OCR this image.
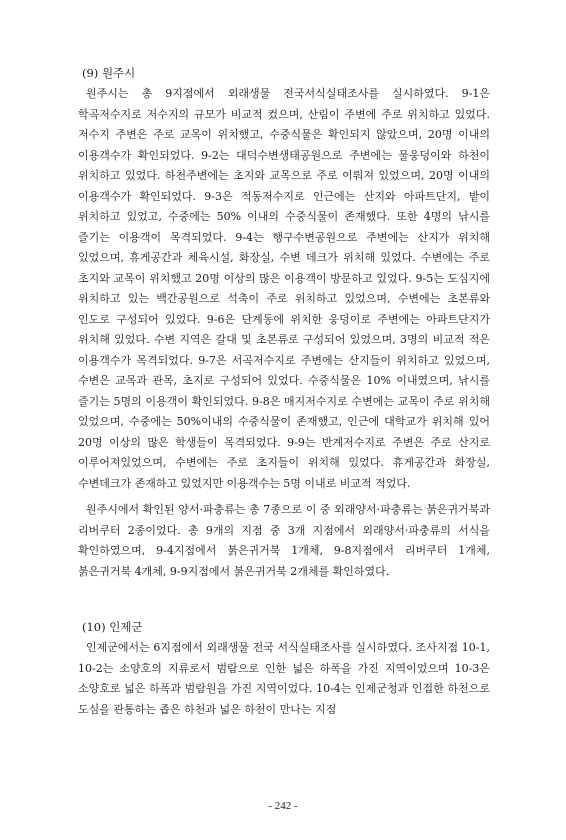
(9) 원주시

원주시는 총 9지점에서 외래생물 전국서식실태조사를 실시하였다. 9-1은 학곡저수지로 저수지의 규모가 비교적 컸으며, 산림이 주변에 주로 위치하고 있었다. 저수지 주변은 주로 교목이 위치했고, 수중식물은 확인되지 않았으며, 20명 이내의 이용객수가 확인되었다. 9-2는 대덕수변생태공원으로 주변에는 물웅덩이와 하천이 위치하고 있었다. 하천주변에는 초지와 교목으로 주로 이뤄져 있었으며, 20명 이내의 이용객수가 확인되었다. 9-3은 적동저수지로 인근에는 산지와 아파트단지, 밭이 위치하고 있었고, 수중에는 50% 이내의 수중식물이 존재했다. 또한 4명의 낚시를 즐기는 이용객이 목격되었다. 9-4는 행구수변공원으로 주변에는 산지가 위치해 있었으며, 휴게공간과 체육시설, 화장실, 수변 데크가 위치해 있었다. 수변에는 주로 초지와 교목이 위치했고 20명 이상의 많은 이용객이 방문하고 있었다. 9-5는 도심지에 위치하고 있는 백간공원으로 석축이 주로 위치하고 있었으며, 수변에는 초본류와 인도로 구성되어 있었다. 9-6은 단계동에 위치한 웅덩이로 주변에는 아파트단지가 위치해 있었다. 수변 지역은 갈대 및 초본류로 구성되어 있었으며, 3명의 비교적 적은 이용객수가 목격되었다. 9-7은 서곡저수지로 주변에는 산지들이 위치하고 있었으며, 수변은 교목과 관목, 초지로 구성되어 있었다. 수중식물은 10% 이내였으며, 낚시를 즐기는 5명의 이용객이 확인되었다. 9-8은 매지저수지로 수변에는 교목이 주로 위치해 있었으며, 수중에는 50%이내의 수중식물이 존재했고, 인근에 대학교가 위치해 있어 20명 이상의 많은 학생들이 목격되었다. 9-9는 반계저수지로 주변은 주로 산지로 이루어져있었으며, 수변에는 주로 초지들이 위치해 있었다. 휴게공간과 화장실, 수변데크가 존재하고 있었지만 이용객수는 5명 이내로 비교적 적었다.

원주시에서 확인된 양서·파충류는 총 7종으로 이 중 외래양서·파충류는 붉은귀거북과 리버쿠터 2종이었다. 총 9개의 지점 중 3개 지점에서 외래양서·파충류의 서식을 확인하였으며, 9-4지점에서 붉은귀거북 1개체, 9-8지점에서 리버쿠터 1개체, 붉은귀거북 4개체, 9-9지점에서 붉은귀거북 2개체를 확인하였다.

(10) 인제군

인제군에서는 6지점에서 외래생물 전국 서식실태조사를 실시하였다. 조사지점 10-1, 10-2는 소양호의 지류로서 범람으로 인한 넓은 하폭을 가진 지역이었으며 10-3은 소양호로 넓은 하폭과 범람원을 가진 지역이었다. 10-4는 인제군청과 인접한 하천으로 도심을 관통하는 좁은 하천과 넓은 하천이 만나는 지점

- 242 -
